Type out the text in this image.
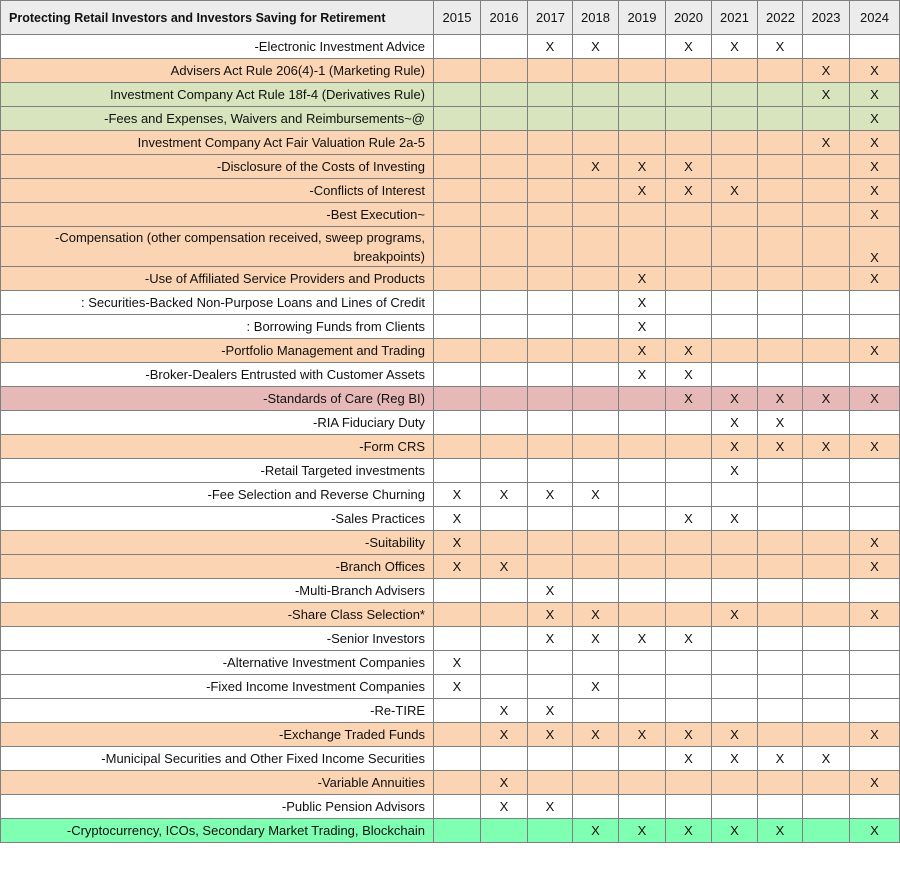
Protecting Retail Investors and Investors Saving for Retirement	2015	2016	2017	2018	2019	2020	2021	2022	2023	2024
-Electronic Investment Advice			X	X		X	X	X		
Advisers Act Rule 206(4)-1 (Marketing Rule)									X	X
Investment Company Act Rule 18f-4 (Derivatives Rule)									X	X
-Fees and Expenses, Waivers and Reimbursements~@										X
Investment Company Act Fair Valuation Rule 2a-5									X	X
-Disclosure of the Costs of Investing				X	X	X				X
-Conflicts of Interest					X	X	X			X
-Best Execution~										X
-Compensation (other compensation received, sweep programs, breakpoints)										X
-Use of Affiliated Service Providers and Products					X					X
: Securities-Backed Non-Purpose Loans and Lines of Credit					X					
: Borrowing Funds from Clients					X					
-Portfolio Management and Trading					X	X				X
-Broker-Dealers Entrusted with Customer Assets					X	X				
-Standards of Care (Reg BI)						X	X	X	X	X
-RIA Fiduciary Duty							X	X		
-Form CRS							X	X	X	X
-Retail Targeted investments							X			
-Fee Selection and Reverse Churning	X	X	X	X						
-Sales Practices	X					X	X			
-Suitability	X									X
-Branch Offices	X	X								X
-Multi-Branch Advisers			X							
-Share Class Selection*			X	X			X			X
-Senior Investors			X	X	X	X				
-Alternative Investment Companies	X									
-Fixed Income Investment Companies	X			X						
-Re-TIRE		X	X							
-Exchange Traded Funds		X	X	X	X	X	X			X
-Municipal Securities and Other Fixed Income Securities						X	X	X	X	
-Variable Annuities		X								X
-Public Pension Advisors		X	X							
-Cryptocurrency, ICOs, Secondary Market Trading, Blockchain				X	X	X	X	X		X
